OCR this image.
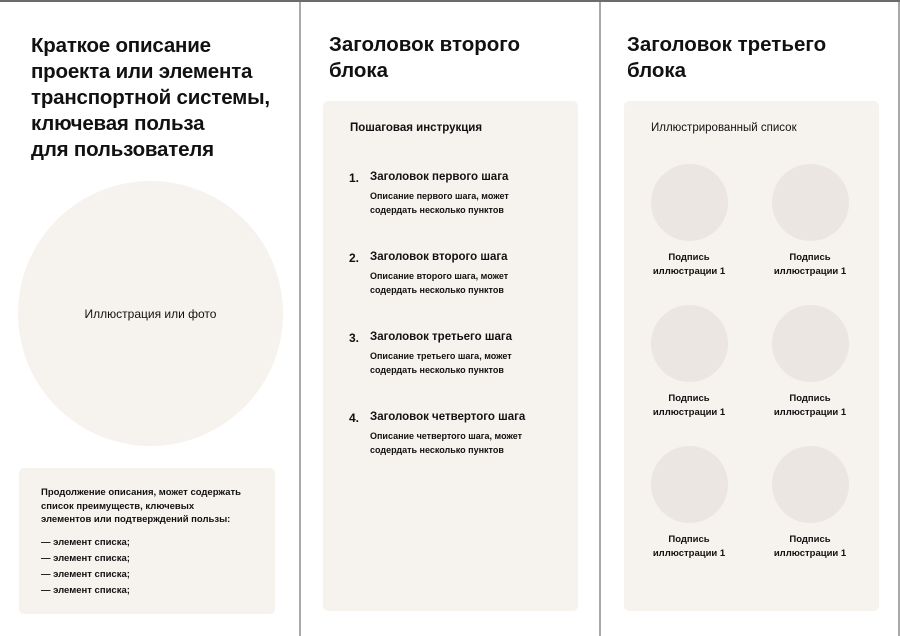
Краткое описание
проекта или элемента
транспортной системы,
ключевая польза
для пользователя
Иллюстрация или фото
Продолжение описания, может содержать
список преимуществ, ключевых
элементов или подтверждений пользы:
— элемент списка;
— элемент списка;
— элемент списка;
— элемент списка;
Заголовок второго
блока
Пошаговая инструкция
1. Заголовок первого шага
Описание первого шага, может
содердать несколько пунктов
2. Заголовок второго шага
Описание второго шага, может
содердать несколько пунктов
3. Заголовок третьего шага
Описание третьего шага, может
содердать несколько пунктов
4. Заголовок четвертого шага
Описание четвертого шага, может
содердать несколько пунктов
Заголовок третьего
блока
Иллюстрированный список
Подпись
иллюстрации 1
Подпись
иллюстрации 1
Подпись
иллюстрации 1
Подпись
иллюстрации 1
Подпись
иллюстрации 1
Подпись
иллюстрации 1
